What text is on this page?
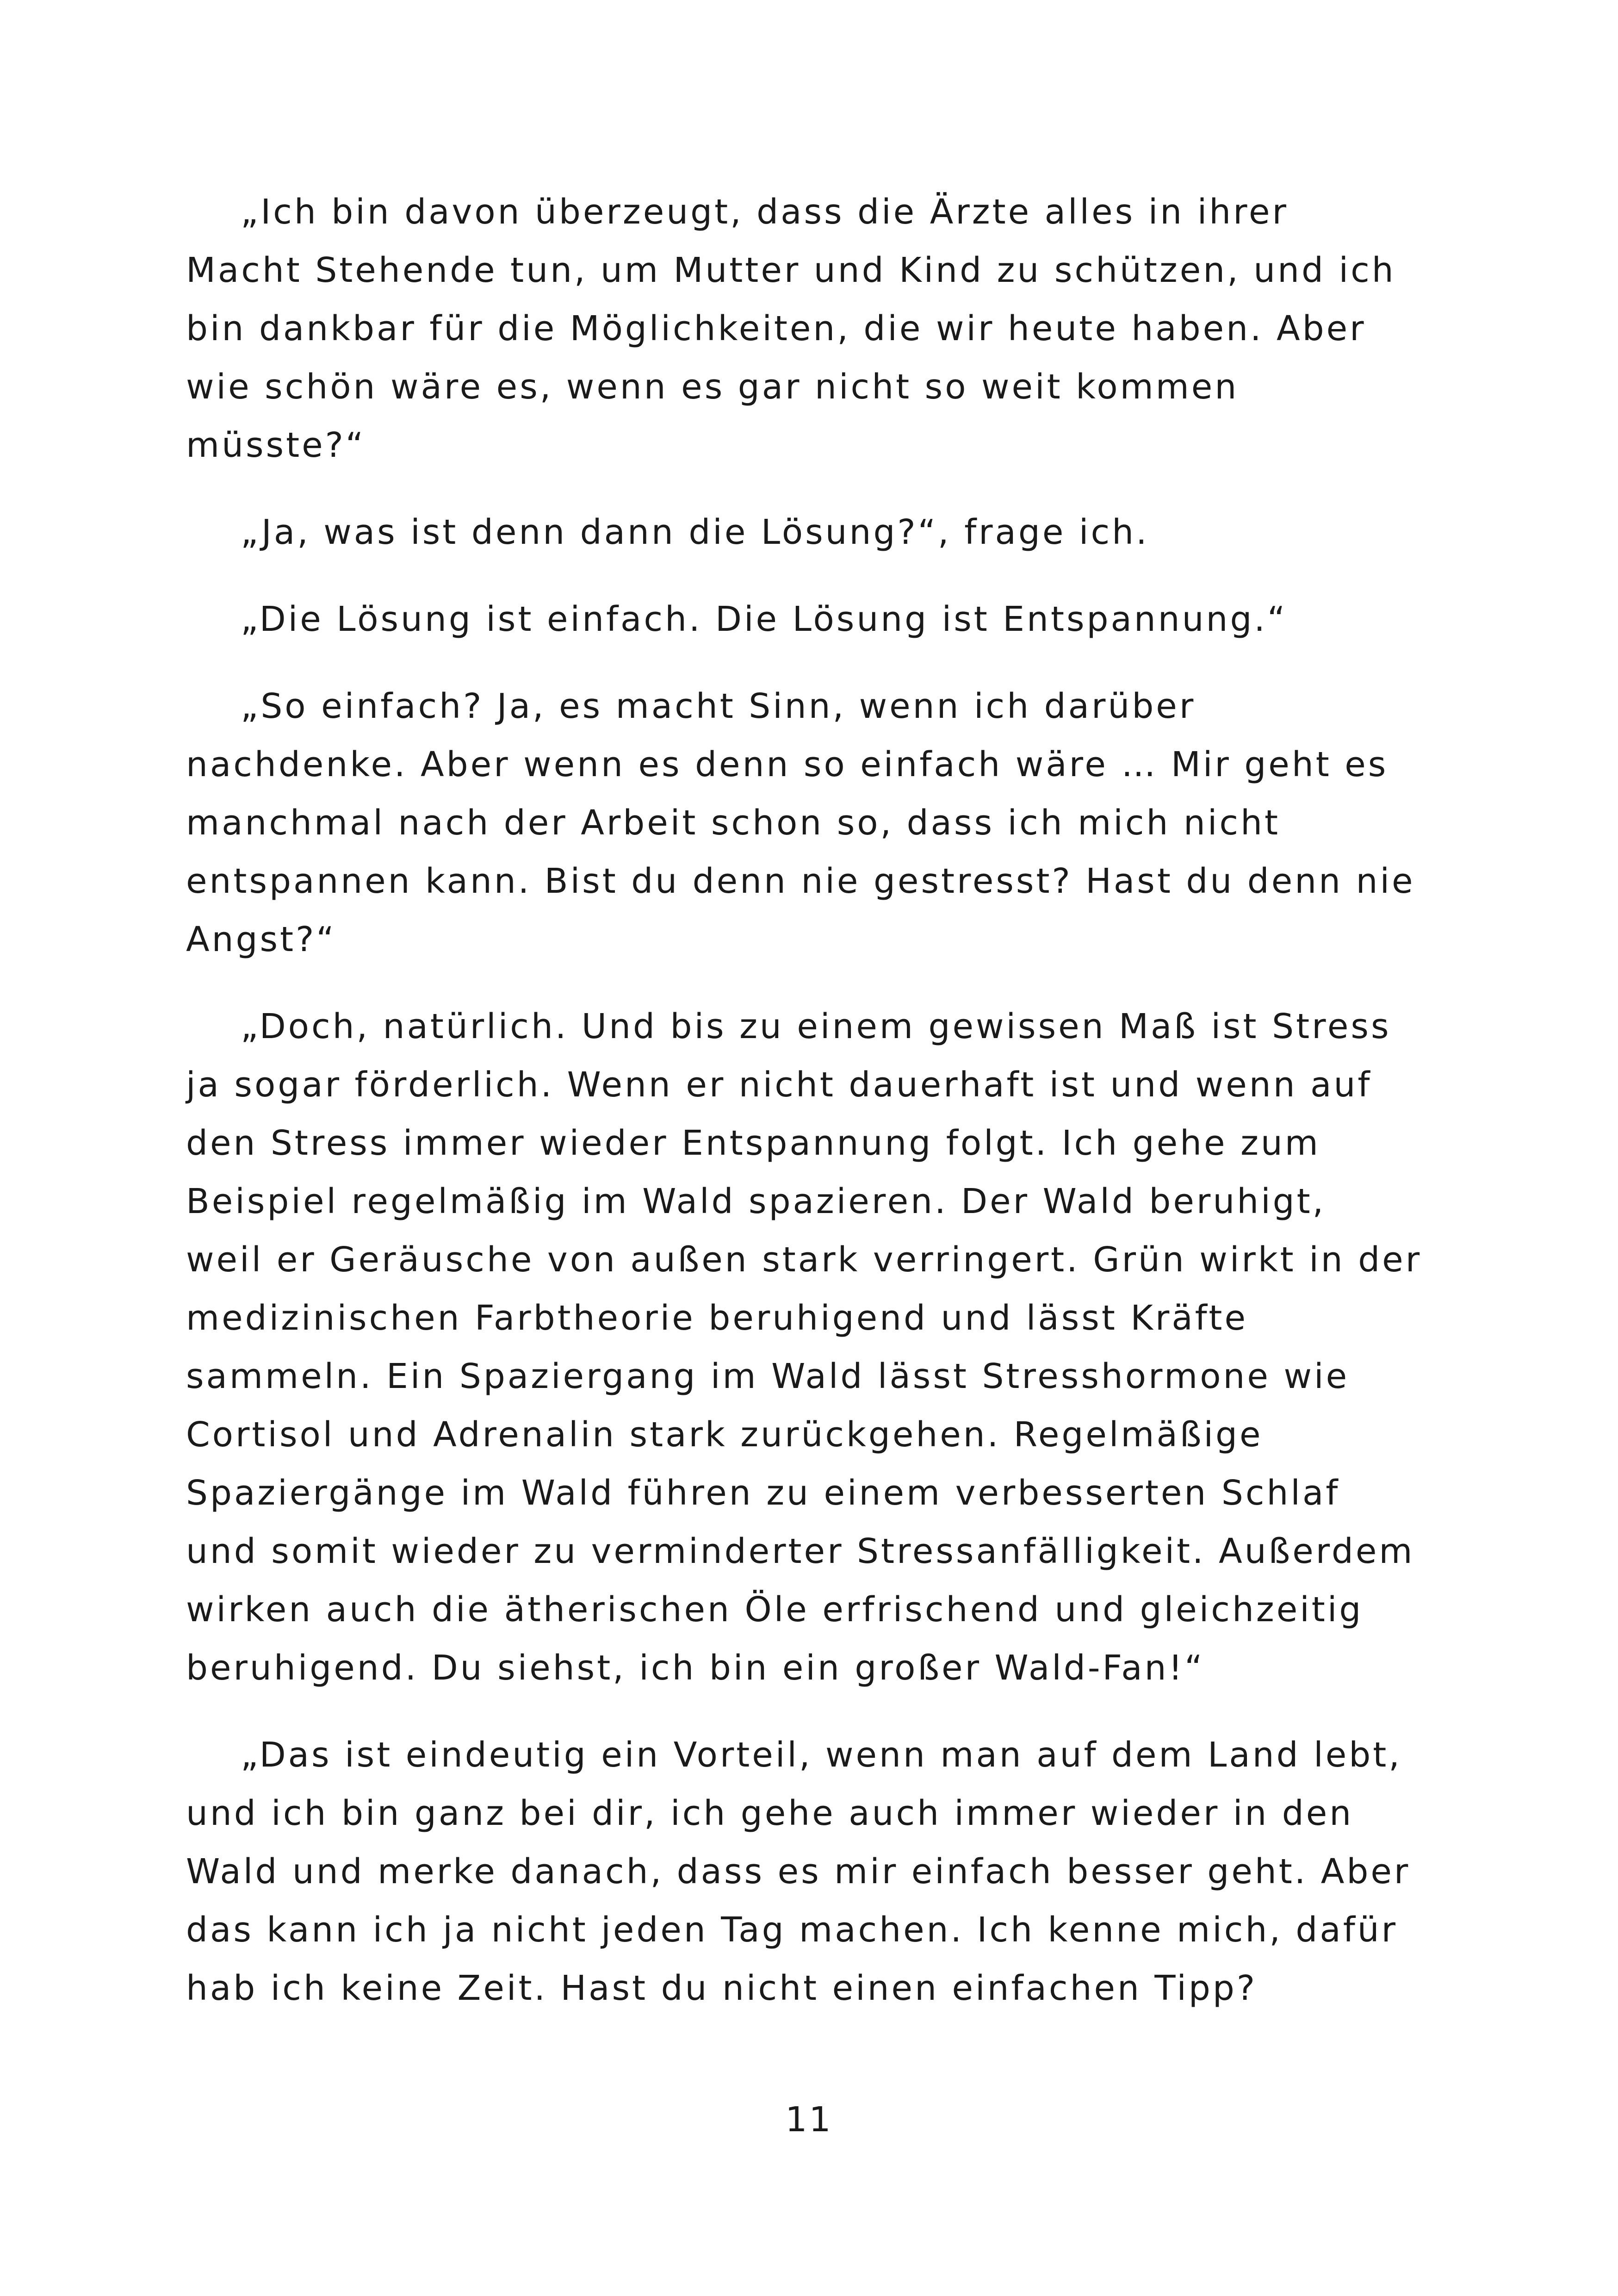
„Ich bin davon überzeugt, dass die Ärzte alles in ihrer
Macht Stehende tun, um Mutter und Kind zu schützen, und ich
bin dankbar für die Möglichkeiten, die wir heute haben. Aber
wie schön wäre es, wenn es gar nicht so weit kommen
müsste?“

„Ja, was ist denn dann die Lösung?“, frage ich.

„Die Lösung ist einfach. Die Lösung ist Entspannung.“

„So einfach? Ja, es macht Sinn, wenn ich darüber
nachdenke. Aber wenn es denn so einfach wäre … Mir geht es
manchmal nach der Arbeit schon so, dass ich mich nicht
entspannen kann. Bist du denn nie gestresst? Hast du denn nie
Angst?“

„Doch, natürlich. Und bis zu einem gewissen Maß ist Stress
ja sogar förderlich. Wenn er nicht dauerhaft ist und wenn auf
den Stress immer wieder Entspannung folgt. Ich gehe zum
Beispiel regelmäßig im Wald spazieren. Der Wald beruhigt,
weil er Geräusche von außen stark verringert. Grün wirkt in der
medizinischen Farbtheorie beruhigend und lässt Kräfte
sammeln. Ein Spaziergang im Wald lässt Stresshormone wie
Cortisol und Adrenalin stark zurückgehen. Regelmäßige
Spaziergänge im Wald führen zu einem verbesserten Schlaf
und somit wieder zu verminderter Stressanfälligkeit. Außerdem
wirken auch die ätherischen Öle erfrischend und gleichzeitig
beruhigend. Du siehst, ich bin ein großer Wald-Fan!“

„Das ist eindeutig ein Vorteil, wenn man auf dem Land lebt,
und ich bin ganz bei dir, ich gehe auch immer wieder in den
Wald und merke danach, dass es mir einfach besser geht. Aber
das kann ich ja nicht jeden Tag machen. Ich kenne mich, dafür
hab ich keine Zeit. Hast du nicht einen einfachen Tipp?

11
